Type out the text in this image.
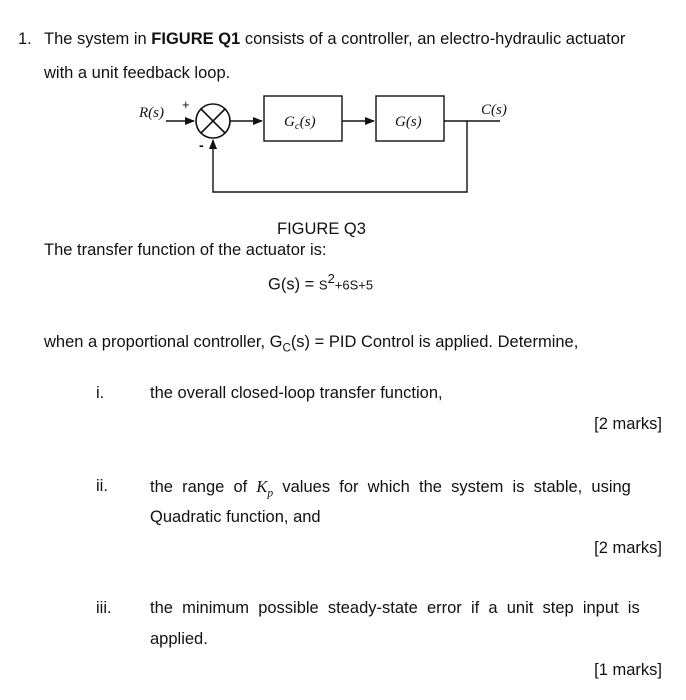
1. The system in FIGURE Q1 consists of a controller, an electro-hydraulic actuator
with a unit feedback loop.
R(s)
+
-
$G_c(s)$	G(s)
C(s)
FIGURE Q3
The transfer function of the actuator is:
$G(s) = S^2+6S+5$
when a proportional controller, $G_C(s)$ = PID Control is applied. Determine,
i.	the overall closed-loop transfer function,
[2 marks]
ii.	the  range  of  $K_p$  values  for  which  the  system  is  stable,  using
Quadratic function, and
[2 marks]
iii. the  minimum  possible  steady-state  error  if  a  unit  step  input  is
applied.
[1 marks]
